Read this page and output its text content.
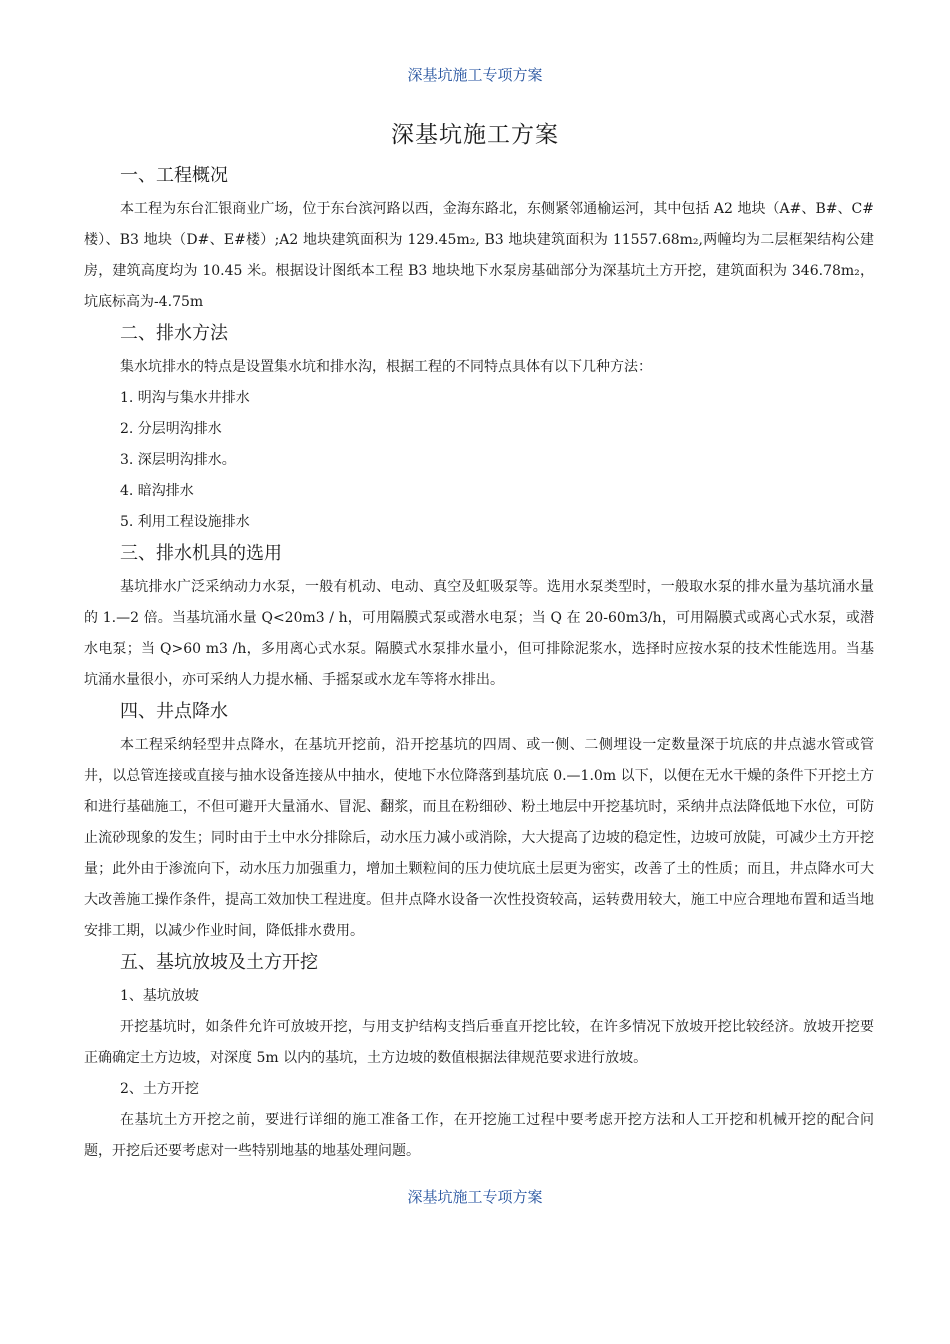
深基坑施工专项方案
深基坑施工方案
一、工程概况

本工程为东台汇银商业广场，位于东台滨河路以西，金海东路北，东侧紧邻通榆运河，其中包括 A2 地块（A#、B#、C#楼）、B3 地块（D#、E#楼）;A2 地块建筑面积为 129.45m₂, B3 地块建筑面积为 11557.68m₂,两幢均为二层框架结构公建房，建筑高度均为 10.45 米。根据设计图纸本工程 B3 地块地下水泵房基础部分为深基坑土方开挖，建筑面积为 346.78m₂，坑底标高为-4.75m

二、排水方法

集水坑排水的特点是设置集水坑和排水沟，根据工程的不同特点具体有以下几种方法：

1. 明沟与集水井排水

2. 分层明沟排水

3. 深层明沟排水。

4. 暗沟排水

5. 利用工程设施排水

三、排水机具的选用

基坑排水广泛采纳动力水泵，一般有机动、电动、真空及虹吸泵等。选用水泵类型时，一般取水泵的排水量为基坑涌水量的 1.—2 倍。当基坑涌水量 Q<20m3 / h，可用隔膜式泵或潜水电泵；当 Q 在 20-60m3/h，可用隔膜式或离心式水泵，或潜水电泵；当 Q>60 m3 /h，多用离心式水泵。隔膜式水泵排水量小，但可排除泥浆水，选择时应按水泵的技术性能选用。当基坑涌水量很小，亦可采纳人力提水桶、手摇泵或水龙车等将水排出。

四、井点降水

本工程采纳轻型井点降水，在基坑开挖前，沿开挖基坑的四周、或一侧、二侧埋设一定数量深于坑底的井点滤水管或管井，以总管连接或直接与抽水设备连接从中抽水，使地下水位降落到基坑底 0.—1.0m 以下，以便在无水干燥的条件下开挖土方和进行基础施工，不但可避开大量涌水、冒泥、翻浆，而且在粉细砂、粉土地层中开挖基坑时，采纳井点法降低地下水位，可防止流砂现象的发生；同时由于土中水分排除后，动水压力减小或消除，大大提高了边坡的稳定性，边坡可放陡，可减少土方开挖量；此外由于渗流向下，动水压力加强重力，增加土颗粒间的压力使坑底土层更为密实，改善了土的性质；而且，井点降水可大大改善施工操作条件，提高工效加快工程进度。但井点降水设备一次性投资较高，运转费用较大，施工中应合理地布置和适当地安排工期，以减少作业时间，降低排水费用。

五、基坑放坡及土方开挖

1、基坑放坡

开挖基坑时，如条件允许可放坡开挖，与用支护结构支挡后垂直开挖比较，在许多情况下放坡开挖比较经济。放坡开挖要正确确定土方边坡，对深度 5m 以内的基坑，土方边坡的数值根据法律规范要求进行放坡。

2、土方开挖

在基坑土方开挖之前，要进行详细的施工准备工作，在开挖施工过程中要考虑开挖方法和人工开挖和机械开挖的配合问题，开挖后还要考虑对一些特别地基的地基处理问题。

深基坑施工专项方案
